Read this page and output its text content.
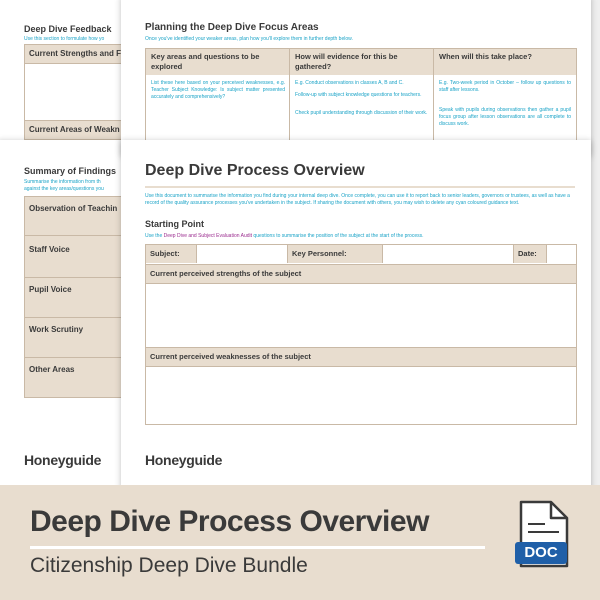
Deep Dive Feedback
Use this section to formulate how yo
Current Strengths and F
Current Areas of Weakn
Summary of Findings
Summarise the information from th
against the key areas/questions you
Observation of Teachin
Staff Voice
Pupil Voice
Work Scrutiny
Other Areas
Honeyguide
Planning the Deep Dive Focus Areas
Once you've identified your weaker areas, plan how you'll explore them in further depth below.
Key areas and questions to be explored
How will evidence for this be gathered?
When will this take place?
List these here based on your perceived weaknesses, e.g. Teacher Subject Knowledge: Is subject matter presented accurately and comprehensively?
E.g. Conduct observations in classes A, B and C.
Follow-up with subject knowledge questions for teachers.
Check pupil understanding through discussion of their work.
E.g. Two-week period in October – follow up questions to staff after lessons.
Speak with pupils during observations then gather a pupil focus group after lesson observations are all complete to discuss work.
Deep Dive Process Overview
Use this document to summarise the information you find during your internal deep dive. Once complete, you can use it to report back to senior leaders, governors or trustees, as well as have a record of the quality assurance processes you've undertaken in the subject. If sharing the document with others, you may wish to delete any cyan coloured guidance text.
Starting Point
Use the Deep Dive and Subject Evaluation Audit questions to summarise the position of the subject at the start of the process.
Subject:	Key Personnel:	Date:
Current perceived strengths of the subject
Current perceived weaknesses of the subject
Honeyguide
Deep Dive Process Overview
Citizenship Deep Dive Bundle
DOC
